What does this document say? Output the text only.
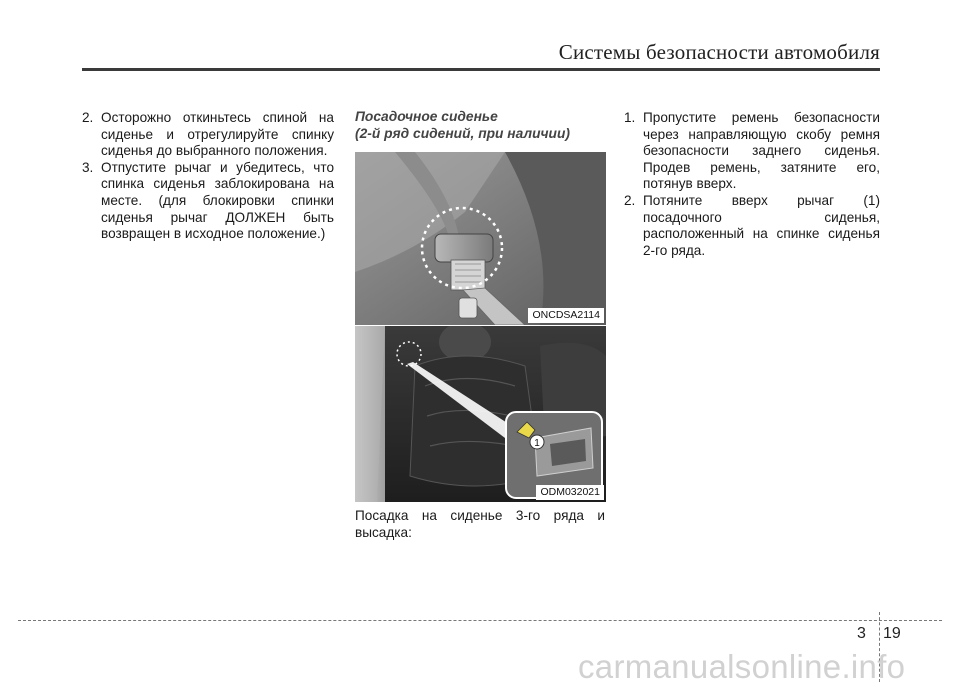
Системы безопасности автомобиля
2. Осторожно откиньтесь спиной на сиденье и отрегулируйте спинку сиденья до выбранного положения.
3. Отпустите рычаг и убедитесь, что спинка сиденья заблокирована на месте. (для блокировки спинки сиденья рычаг ДОЛЖЕН быть возвращен в исходное положение.)

Посадочное сиденье

(2-й ряд сидений, при наличии)

ONCDSA2114
1
ODM032021
Посадка на сиденье 3-го ряда и высадка:
1. Пропустите ремень безопасности через направляющую скобу ремня безопасности заднего сиденья. Продев ремень, затяните его, потянув вверх.
2. Потяните вверх рычаг (1) посадочного сиденья, расположенный на спинке сиденья 2-го ряда.
3 19
carmanualsonline.info
